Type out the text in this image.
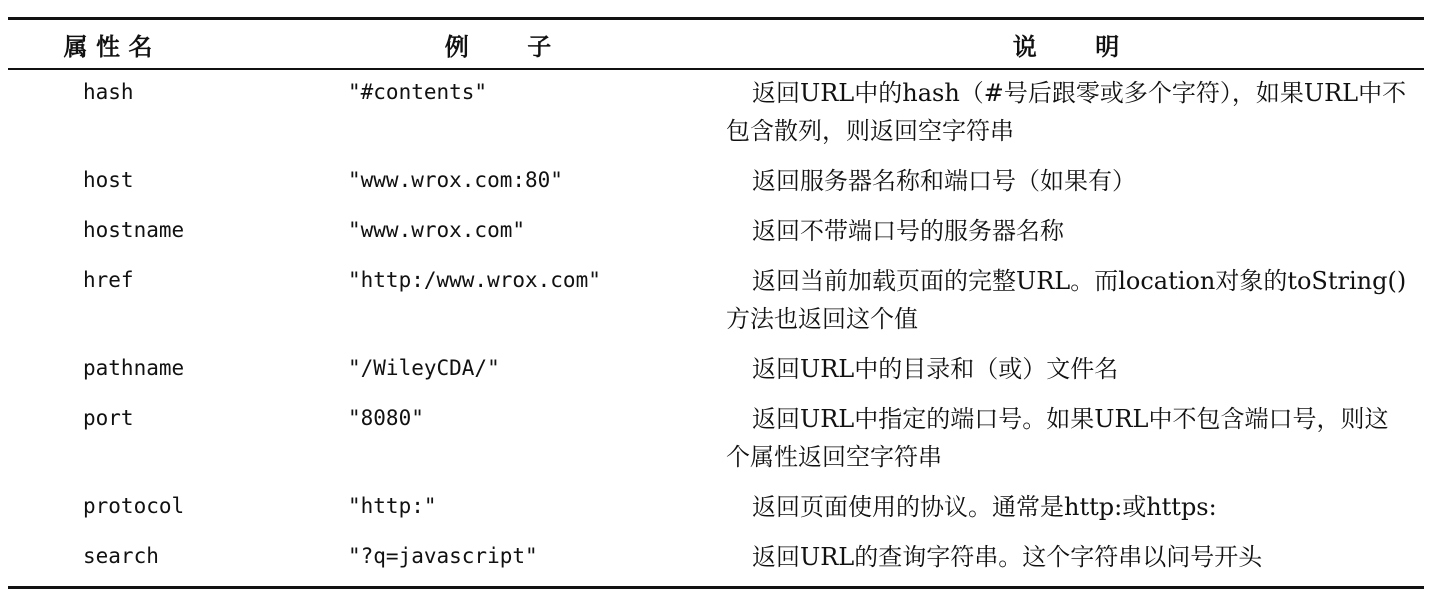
属 性 名	例       子	说       明
hash	"#contents"	返回URL中的hash（#号后跟零或多个字符），如果URL中不包含散列，则返回空字符串
host	"www.wrox.com:80"	返回服务器名称和端口号（如果有）
hostname	"www.wrox.com"	返回不带端口号的服务器名称
href	"http:/www.wrox.com"	返回当前加载页面的完整URL。而location对象的toString()方法也返回这个值
pathname	"/WileyCDA/"	返回URL中的目录和（或）文件名
port	"8080"	返回URL中指定的端口号。如果URL中不包含端口号，则这个属性返回空字符串
protocol	"http:"	返回页面使用的协议。通常是http:或https:
search	"?q=javascript"	返回URL的查询字符串。这个字符串以问号开头
